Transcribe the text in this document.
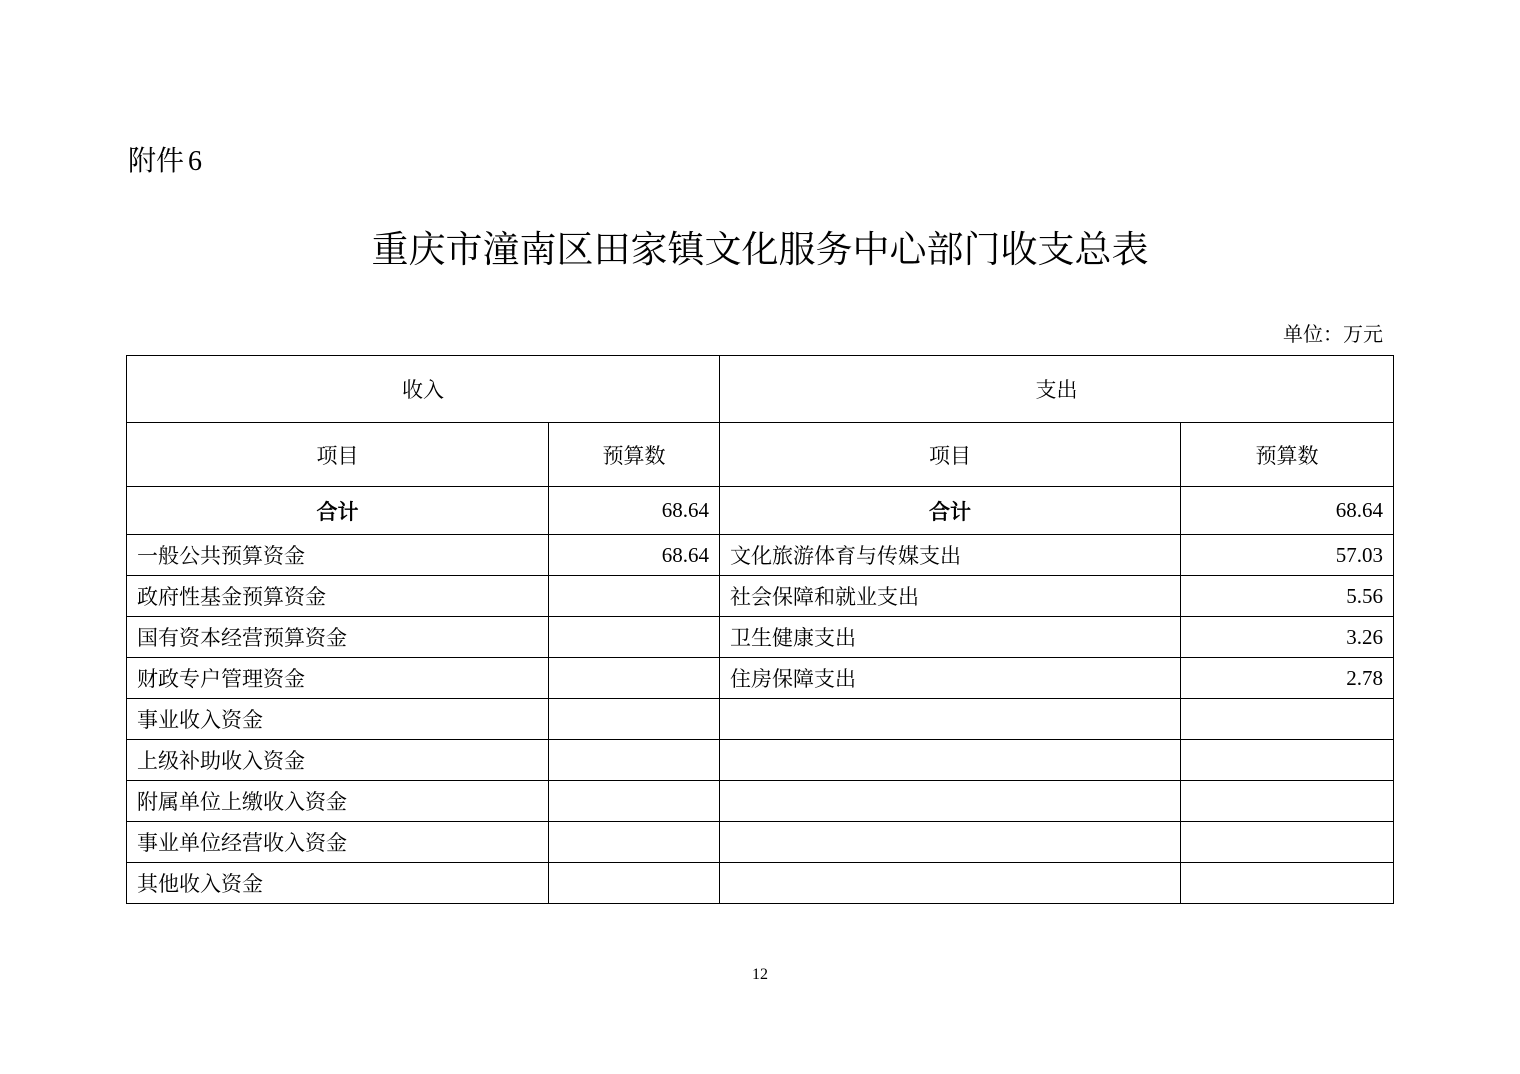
附件 6
重庆市潼南区田家镇文化服务中心部门收支总表
单位：万元
收入		支出	
项目	预算数	项目	预算数
合计	68.64	合计	68.64
一般公共预算资金	68.64	文化旅游体育与传媒支出	57.03
政府性基金预算资金		社会保障和就业支出	5.56
国有资本经营预算资金		卫生健康支出	3.26
财政专户管理资金		住房保障支出	2.78
事业收入资金			
上级补助收入资金			
附属单位上缴收入资金			
事业单位经营收入资金			
其他收入资金			
12
